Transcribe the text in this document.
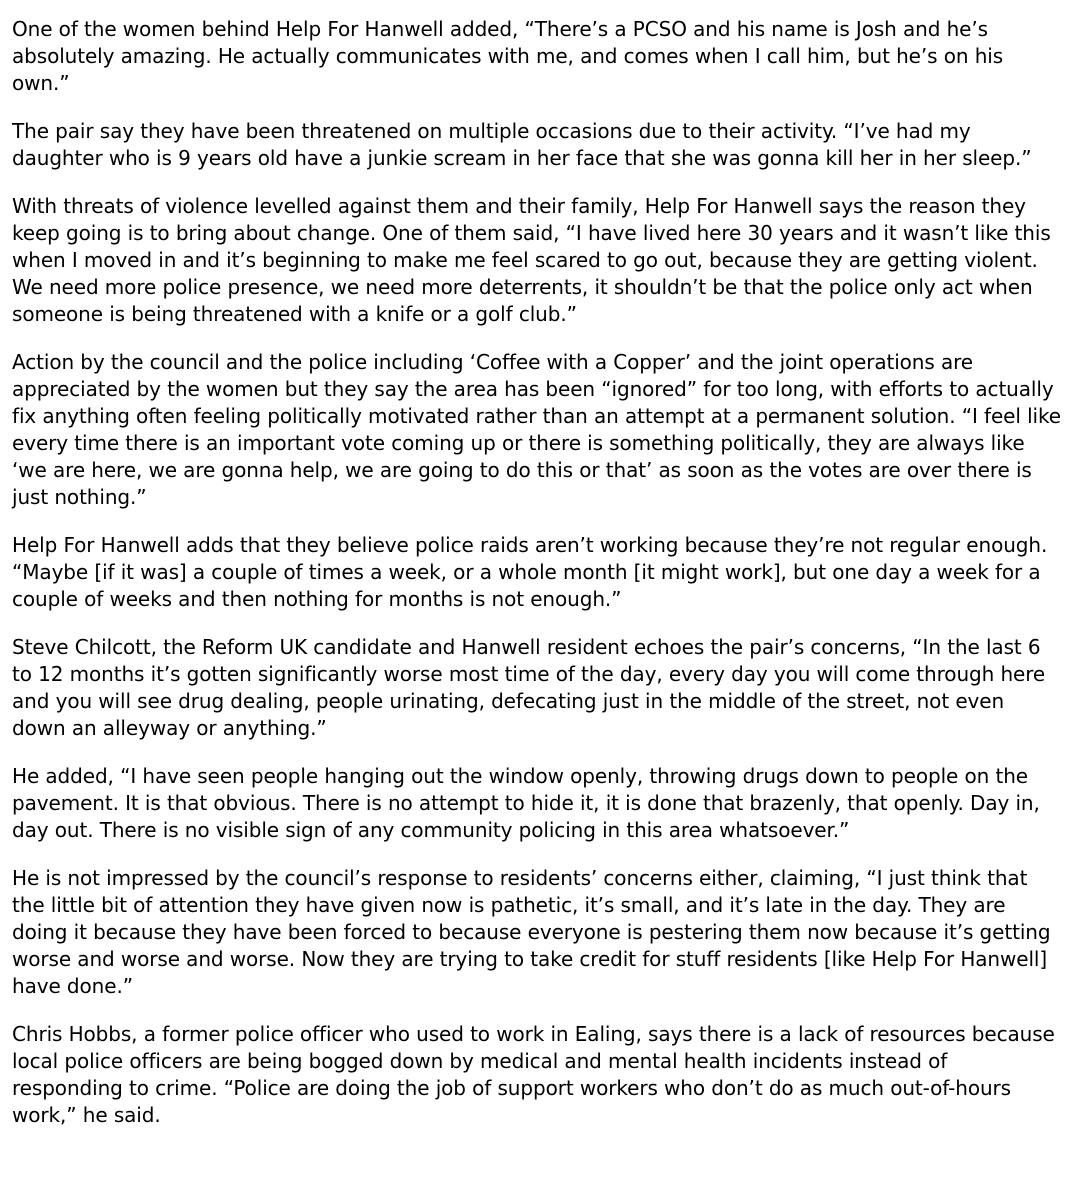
One of the women behind Help For Hanwell added, “There’s a PCSO and his name is Josh and he’s absolutely amazing. He actually communicates with me, and comes when I call him, but he’s on his own.”

The pair say they have been threatened on multiple occasions due to their activity. “I’ve had my daughter who is 9 years old have a junkie scream in her face that she was gonna kill her in her sleep.”

With threats of violence levelled against them and their family, Help For Hanwell says the reason they keep going is to bring about change. One of them said, “I have lived here 30 years and it wasn’t like this when I moved in and it’s beginning to make me feel scared to go out, because they are getting violent. We need more police presence, we need more deterrents, it shouldn’t be that the police only act when someone is being threatened with a knife or a golf club.”

Action by the council and the police including ‘Coffee with a Copper’ and the joint operations are appreciated by the women but they say the area has been “ignored” for too long, with efforts to actually fix anything often feeling politically motivated rather than an attempt at a permanent solution. “I feel like every time there is an important vote coming up or there is something politically, they are always like ‘we are here, we are gonna help, we are going to do this or that’ as soon as the votes are over there is just nothing.”

Help For Hanwell adds that they believe police raids aren’t working because they’re not regular enough. “Maybe [if it was] a couple of times a week, or a whole month [it might work], but one day a week for a couple of weeks and then nothing for months is not enough.”

Steve Chilcott, the Reform UK candidate and Hanwell resident echoes the pair’s concerns, “In the last 6 to 12 months it’s gotten significantly worse most time of the day, every day you will come through here and you will see drug dealing, people urinating, defecating just in the middle of the street, not even down an alleyway or anything.”

He added, “I have seen people hanging out the window openly, throwing drugs down to people on the pavement. It is that obvious. There is no attempt to hide it, it is done that brazenly, that openly. Day in, day out. There is no visible sign of any community policing in this area whatsoever.”

He is not impressed by the council’s response to residents’ concerns either, claiming, “I just think that the little bit of attention they have given now is pathetic, it’s small, and it’s late in the day. They are doing it because they have been forced to because everyone is pestering them now because it’s getting worse and worse and worse. Now they are trying to take credit for stuff residents [like Help For Hanwell] have done.”

Chris Hobbs, a former police officer who used to work in Ealing, says there is a lack of resources because local police officers are being bogged down by medical and mental health incidents instead of responding to crime. “Police are doing the job of support workers who don’t do as much out-of-hours work,” he said.
